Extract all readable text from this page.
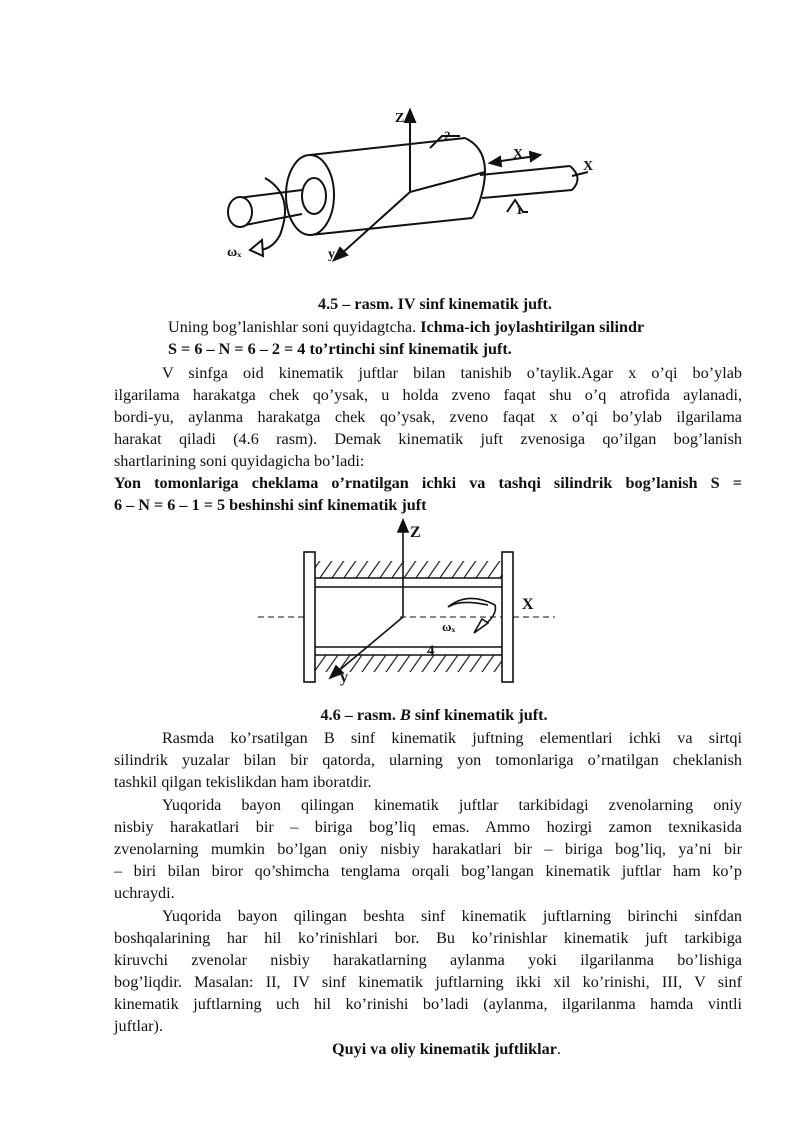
Z
X
y
X
2
1
ωₓ
4.5 – rasm. IV sinf kinematik juft.
Uning bog’lanishlar soni quyidagtcha. Ichma-ich joylashtirilgan silindr
S = 6 – N = 6 – 2 = 4 to’rtinchi sinf kinematik juft.
V sinfga oid kinematik juftlar bilan tanishib o’taylik.Agar x o’qi bo’ylab
ilgarilama harakatga chek qo’ysak, u holda zveno faqat shu o’q atrofida aylanadi,
bordi-yu, aylanma harakatga chek qo’ysak, zveno faqat x o’qi bo’ylab ilgarilama
harakat qiladi (4.6 rasm). Demak kinematik juft zvenosiga qo’ilgan bog’lanish
shartlarining soni quyidagicha bo’ladi:
Yon tomonlariga cheklama o’rnatilgan ichki va tashqi silindrik bog’lanish S =
6 – N = 6 – 1 = 5 beshinshi sinf kinematik juft
Z
X
y
ωₓ
4
4.6 – rasm. B sinf kinematik juft.
Rasmda ko’rsatilgan B sinf kinematik juftning elementlari ichki va sirtqi
silindrik yuzalar bilan bir qatorda, ularning yon tomonlariga o’rnatilgan cheklanish
tashkil qilgan tekislikdan ham iboratdir.
Yuqorida bayon qilingan kinematik juftlar tarkibidagi zvenolarning oniy
nisbiy harakatlari bir – biriga bog’liq emas. Ammo hozirgi zamon texnikasida
zvenolarning mumkin bo’lgan oniy nisbiy harakatlari bir – biriga bog’liq, ya’ni bir
– biri bilan biror qo’shimcha tenglama orqali bog’langan kinematik juftlar ham ko’p
uchraydi.
Yuqorida bayon qilingan beshta sinf kinematik juftlarning birinchi sinfdan
boshqalarining har hil ko’rinishlari bor. Bu ko’rinishlar kinematik juft tarkibiga
kiruvchi zvenolar nisbiy harakatlarning aylanma yoki ilgarilanma bo’lishiga
bog’liqdir. Masalan: II, IV sinf kinematik juftlarning ikki xil ko’rinishi, III, V sinf
kinematik juftlarning uch hil ko’rinishi bo’ladi (aylanma, ilgarilanma hamda vintli
juftlar).
Quyi va oliy kinematik juftliklar.
